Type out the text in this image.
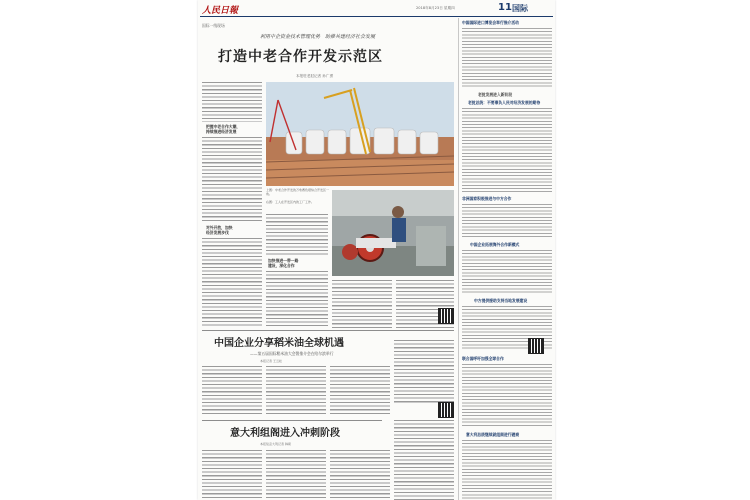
人民日報	2018年8月23日 星期四	11 国际
国际一线现场
利用中企资金技术管理优势　助推共建经济社会发展
打造中老合作开发示范区
本报驻老挝记者 孙广勇
把握中老合作大潮，
持续推进经济发展
对外开放，加快
经济发展步伐
上图：中老合作开发的万象赛色塔综合开发区一角。
右图：工人在开发区内的工厂工作。
加快推进一带一路
建设，深化合作
中国企业分享稻米油全球机遇
——第五届国际稻米油大会暨推介会在哈尔滨举行
本报记者 王云松
意大利组阁进入冲刺阶段
本报驻意大利记者 韩硕
中国国际进口博览会举行推介活动
老挝发展进入新阶段
老挝总统：不要辜负人民对经济发展的期待
非洲国家积极推进与中方合作
中国企业拓展海外合作新模式
中方提供援助支持当地发展建设
联合国呼吁加强全球合作
意大利总统继续就组阁进行磋商
